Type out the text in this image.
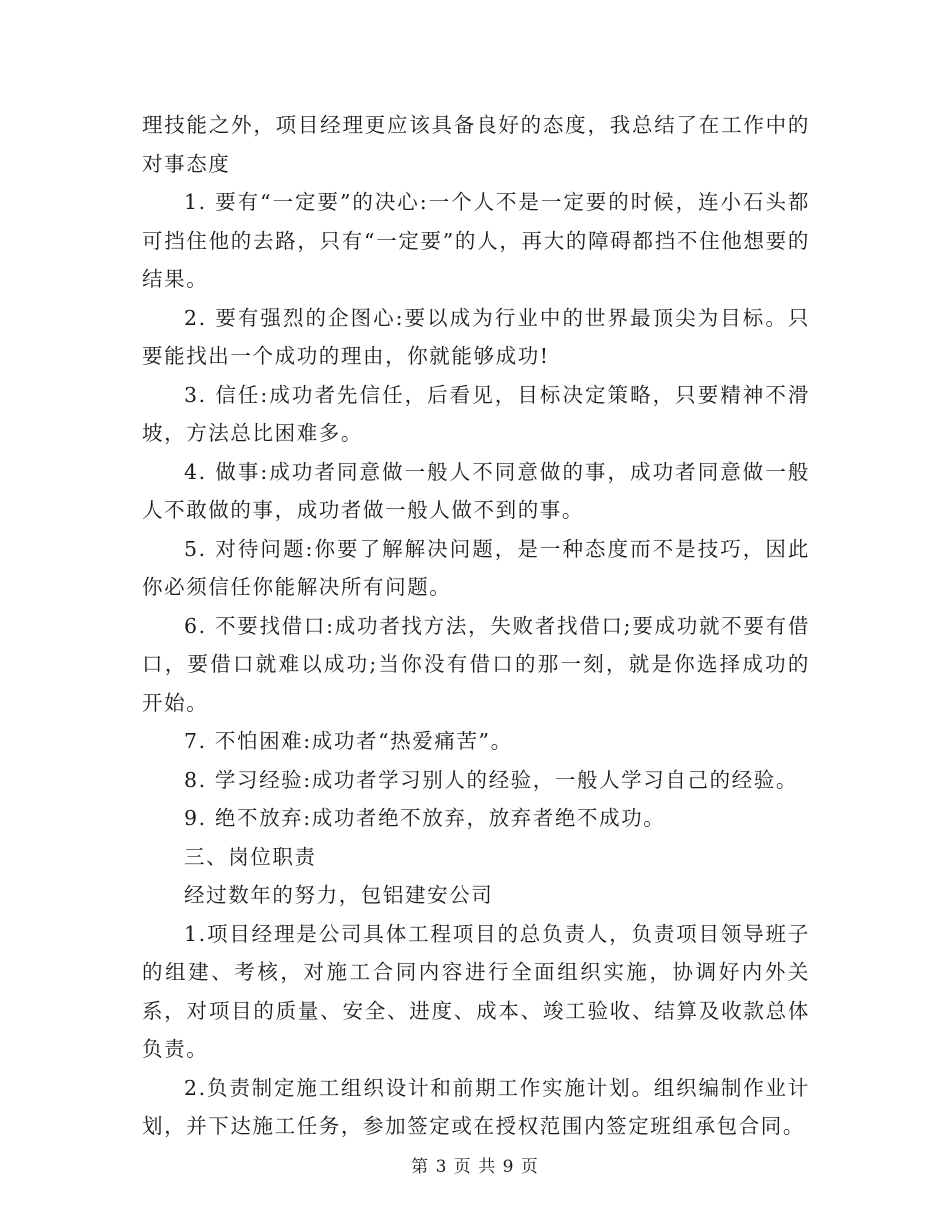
理技能之外，项目经理更应该具备良好的态度，我总结了在工作中的对事态度

1. 要有“一定要”的决心:一个人不是一定要的时候，连小石头都可挡住他的去路，只有“一定要”的人，再大的障碍都挡不住他想要的结果。

2. 要有强烈的企图心:要以成为行业中的世界最顶尖为目标。只要能找出一个成功的理由，你就能够成功!

3. 信任:成功者先信任，后看见，目标决定策略，只要精神不滑坡，方法总比困难多。

4. 做事:成功者同意做一般人不同意做的事，成功者同意做一般人不敢做的事，成功者做一般人做不到的事。

5. 对待问题:你要了解解决问题，是一种态度而不是技巧，因此你必须信任你能解决所有问题。

6. 不要找借口:成功者找方法，失败者找借口;要成功就不要有借口，要借口就难以成功;当你没有借口的那一刻，就是你选择成功的开始。

7. 不怕困难:成功者“热爱痛苦”。

8. 学习经验:成功者学习别人的经验，一般人学习自己的经验。

9. 绝不放弃:成功者绝不放弃，放弃者绝不成功。

三、岗位职责

经过数年的努力，包铝建安公司

1.项目经理是公司具体工程项目的总负责人，负责项目领导班子的组建、考核，对施工合同内容进行全面组织实施，协调好内外关系，对项目的质量、安全、进度、成本、竣工验收、结算及收款总体负责。

2.负责制定施工组织设计和前期工作实施计划。组织编制作业计划，并下达施工任务，参加签定或在授权范围内签定班组承包合同。

第 3 页 共 9 页
